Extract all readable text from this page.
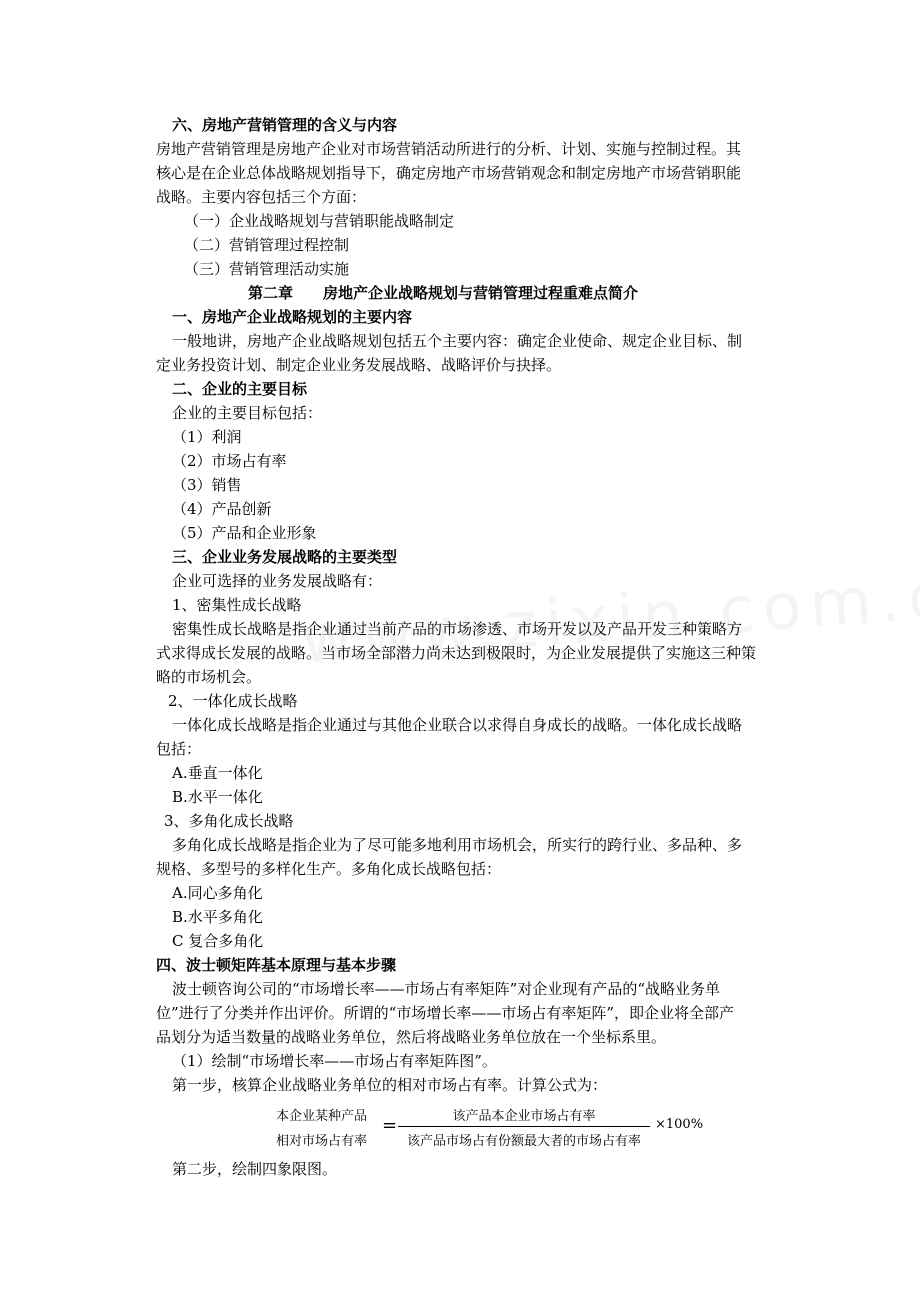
六、房地产营销管理的含义与内容
房地产营销管理是房地产企业对市场营销活动所进行的分析、计划、实施与控制过程。其
核心是在企业总体战略规划指导下，确定房地产市场营销观念和制定房地产市场营销职能
战略。主要内容包括三个方面：
（一）企业战略规划与营销职能战略制定
（二）营销管理过程控制
（三）营销管理活动实施
第二章　　房地产企业战略规划与营销管理过程重难点简介
一、房地产企业战略规划的主要内容
一般地讲，房地产企业战略规划包括五个主要内容：确定企业使命、规定企业目标、制
定业务投资计划、制定企业业务发展战略、战略评价与抉择。
二、企业的主要目标
企业的主要目标包括：
（1）利润
（2）市场占有率
（3）销售
（4）产品创新
（5）产品和企业形象
三、企业业务发展战略的主要类型
企业可选择的业务发展战略有：
1、密集性成长战略
密集性成长战略是指企业通过当前产品的市场渗透、市场开发以及产品开发三种策略方
式求得成长发展的战略。当市场全部潜力尚未达到极限时，为企业发展提供了实施这三种策
略的市场机会。
2、一体化成长战略
一体化成长战略是指企业通过与其他企业联合以求得自身成长的战略。一体化成长战略
包括：
A.垂直一体化
B.水平一体化
3、多角化成长战略
多角化成长战略是指企业为了尽可能多地利用市场机会，所实行的跨行业、多品种、多
规格、多型号的多样化生产。多角化成长战略包括：
A.同心多角化
B.水平多角化
C 复合多角化
四、波士顿矩阵基本原理与基本步骤
波士顿咨询公司的“市场增长率——市场占有率矩阵”对企业现有产品的“战略业务单
位”进行了分类并作出评价。所谓的“市场增长率——市场占有率矩阵”，即企业将全部产
品划分为适当数量的战略业务单位，然后将战略业务单位放在一个坐标系里。
（1）绘制“市场增长率——市场占有率矩阵图”。
第一步，核算企业战略业务单位的相对市场占有率。计算公式为：
本企业某种产品
相对市场占有率
=	该产品本企业市场占有率
该产品市场占有份额最大者的市场占有率
×100%
第二步，绘制四象限图。
